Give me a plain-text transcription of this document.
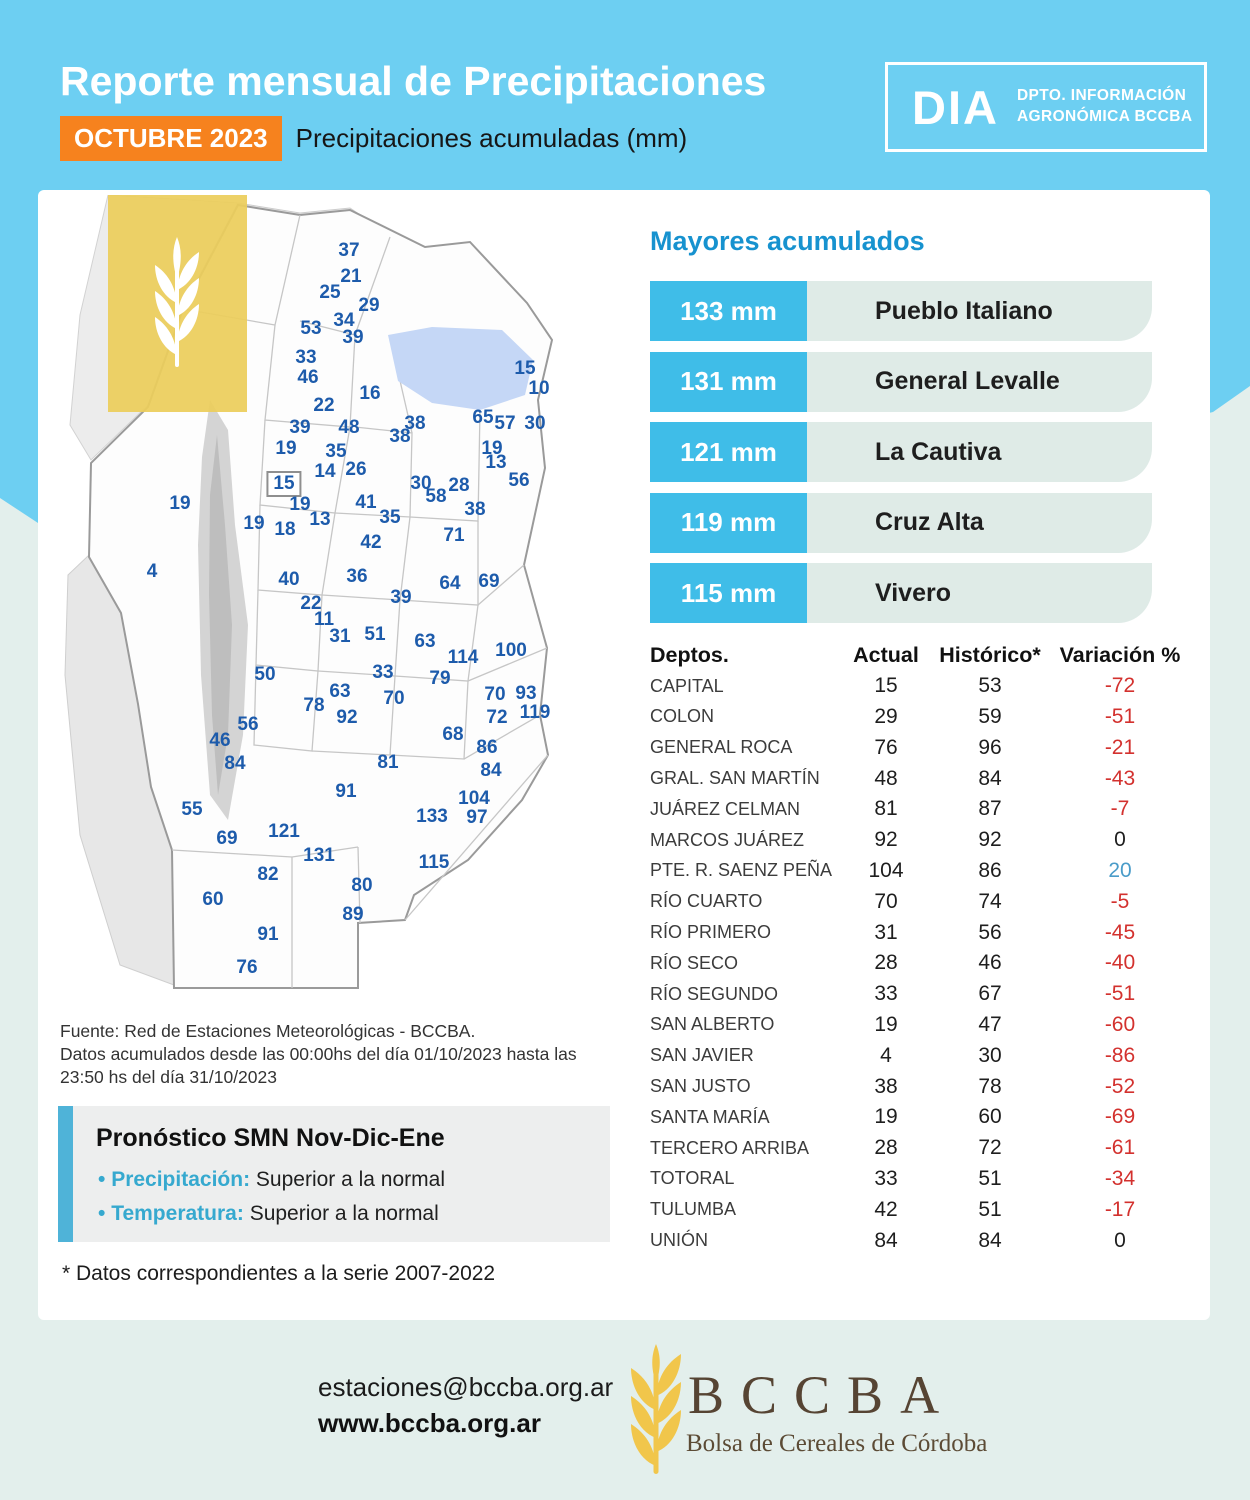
Reporte mensual de Precipitaciones
OCTUBRE 2023	Precipitaciones acumuladas (mm)
DIA DPTO. INFORMACIÓN
AGRONÓMICA BCCBA
37
21
25
29
34
53 39
33
46
16
22
39 48 38
38
65 57 30
15
10
19 35	19
13
14 26
15	30 28 56
19	58
38
19 41
35
13
18
19
71
42
4	40 36	64 69
39
22
11
31 51 63
114 100
50	33 79
63
78	70	70 93
92	72 119
56
46	68
84	81
86
84
91	104
55	133 97
121
69
131	115
82
80
60
89
91
76
Mayores acumulados
133 mm	Pueblo Italiano
131 mm	General Levalle
121 mm	La Cautiva
119 mm	Cruz Alta
115 mm	Vivero
Deptos.	Actual Histórico* Variación %
CAPITAL	15	53	-72
COLON	29	59	-51
GENERAL ROCA	76	96	-21
GRAL. SAN MARTÍN	48	84	-43
JUÁREZ CELMAN	81	87	-7
MARCOS JUÁREZ	92	92	0
PTE. R. SAENZ PEÑA	104	86	20
RÍO CUARTO	70	74	-5
RÍO PRIMERO	31	56	-45
RÍO SECO	28	46	-40
RÍO SEGUNDO	33	67	-51
SAN ALBERTO	19	47	-60
SAN JAVIER	4	30	-86
SAN JUSTO	38	78	-52
SANTA MARÍA	19	60	-69
TERCERO ARRIBA	28	72	-61
TOTORAL	33	51	-34
TULUMBA	42	51	-17
UNIÓN	84	84	0
Fuente: Red de Estaciones Meteorológicas - BCCBA.
Datos acumulados desde las 00:00hs del día 01/10/2023 hasta las 23:50 hs del día 31/10/2023
Pronóstico SMN Nov-Dic-Ene
• Precipitación: Superior a la normal
• Temperatura: Superior a la normal
* Datos correspondientes a la serie 2007-2022
estaciones@bccba.org.ar
www.bccba.org.ar	BCCBA
Bolsa de Cereales de Córdoba
